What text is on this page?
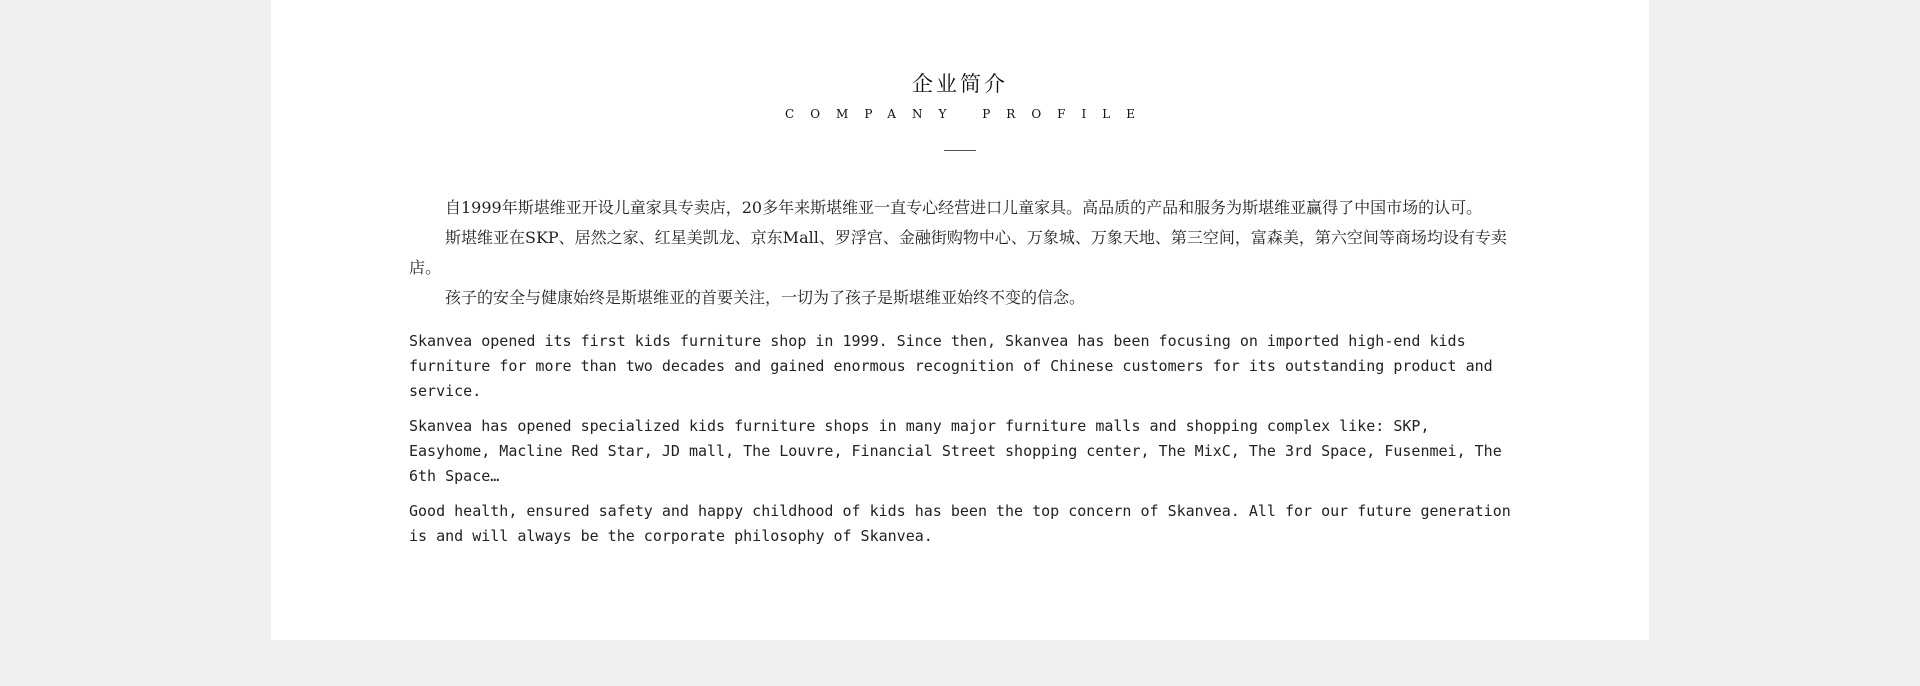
企业简介
COMPANY PROFILE

自1999年斯堪维亚开设儿童家具专卖店，20多年来斯堪维亚一直专心经营进口儿童家具。高品质的产品和服务为斯堪维亚赢得了中国市场的认可。

斯堪维亚在SKP、居然之家、红星美凯龙、京东Mall、罗浮宫、金融街购物中心、万象城、万象天地、第三空间，富森美，第六空间等商场均设有专卖店。

孩子的安全与健康始终是斯堪维亚的首要关注，一切为了孩子是斯堪维亚始终不变的信念。

Skanvea opened its first kids furniture shop in 1999. Since then, Skanvea has been focusing on imported high-end kids furniture for more than two decades and gained enormous recognition of Chinese customers for its outstanding product and service.

Skanvea has opened specialized kids furniture shops in many major furniture malls and shopping complex like: SKP, Easyhome, Macline Red Star, JD mall, The Louvre, Financial Street shopping center, The MixC, The 3rd Space, Fusenmei, The 6th Space…

Good health, ensured safety and happy childhood of kids has been the top concern of Skanvea. All for our future generation is and will always be the corporate philosophy of Skanvea.
